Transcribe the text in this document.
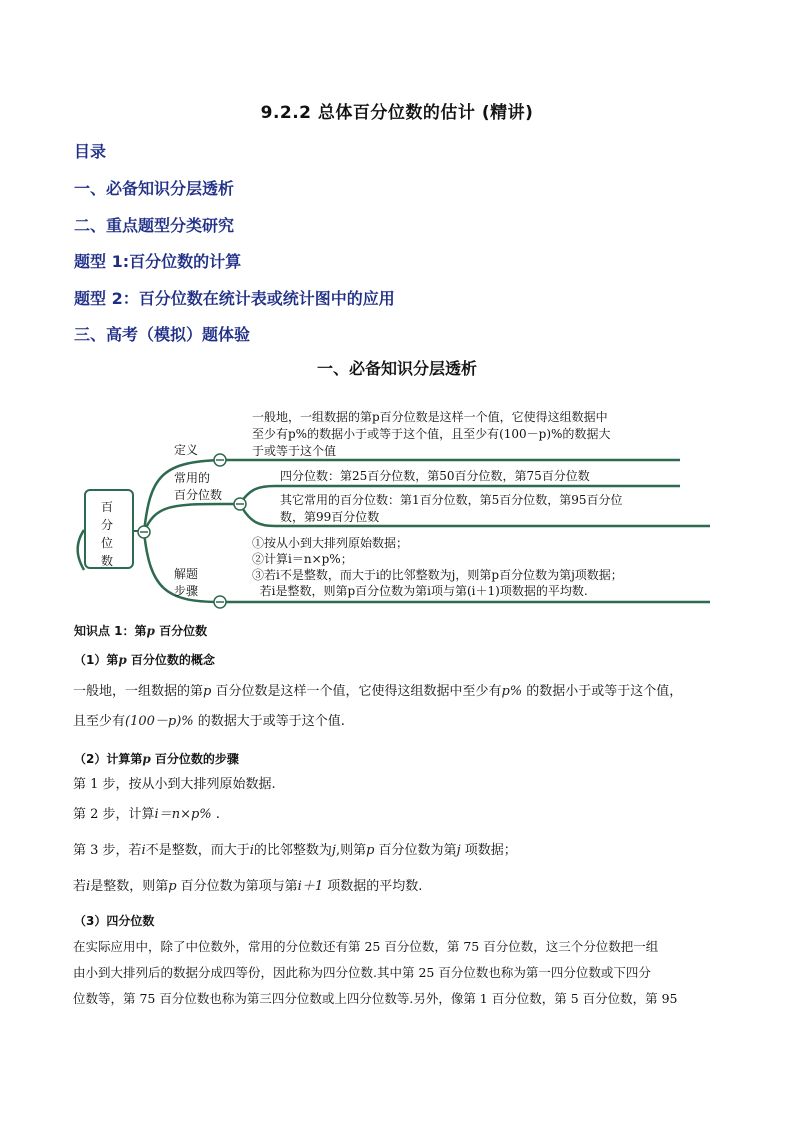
9.2.2 总体百分位数的估计 (精讲)
目录
一、必备知识分层透析
二、重点题型分类研究
题型 1:百分位数的计算
题型 2：百分位数在统计表或统计图中的应用
三、高考（模拟）题体验
一、必备知识分层透析
百
分
位
数
定义
一般地，一组数据的第p百分位数是这样一个值，它使得这组数据中
至少有p%的数据小于或等于这个值，且至少有(100－p)%的数据大
于或等于这个值
常用的
百分位数
四分位数：第25百分位数，第50百分位数，第75百分位数
其它常用的百分位数：第1百分位数，第5百分位数，第95百分位
数，第99百分位数
解题
步骤
①按从小到大排列原始数据；
②计算i＝n×p%；
③若i不是整数，而大于i的比邻整数为j，则第p百分位数为第j项数据；
若i是整数，则第p百分位数为第i项与第(i＋1)项数据的平均数.
知识点 1：第p 百分位数
（1）第p 百分位数的概念
一般地，一组数据的第p 百分位数是这样一个值，它使得这组数据中至少有p% 的数据小于或等于这个值，
且至少有(100－p)% 的数据大于或等于这个值.
（2）计算第p 百分位数的步骤
第 1 步，按从小到大排列原始数据.
第 2 步，计算i＝n×p% .
第 3 步，若i不是整数，而大于i的比邻整数为j,则第p 百分位数为第j 项数据；
若i是整数，则第p 百分位数为第项与第i＋1 项数据的平均数.
（3）四分位数
在实际应用中，除了中位数外，常用的分位数还有第 25 百分位数，第 75 百分位数，这三个分位数把一组
由小到大排列后的数据分成四等份，因此称为四分位数.其中第 25 百分位数也称为第一四分位数或下四分
位数等，第 75 百分位数也称为第三四分位数或上四分位数等.另外，像第 1 百分位数，第 5 百分位数，第 95
